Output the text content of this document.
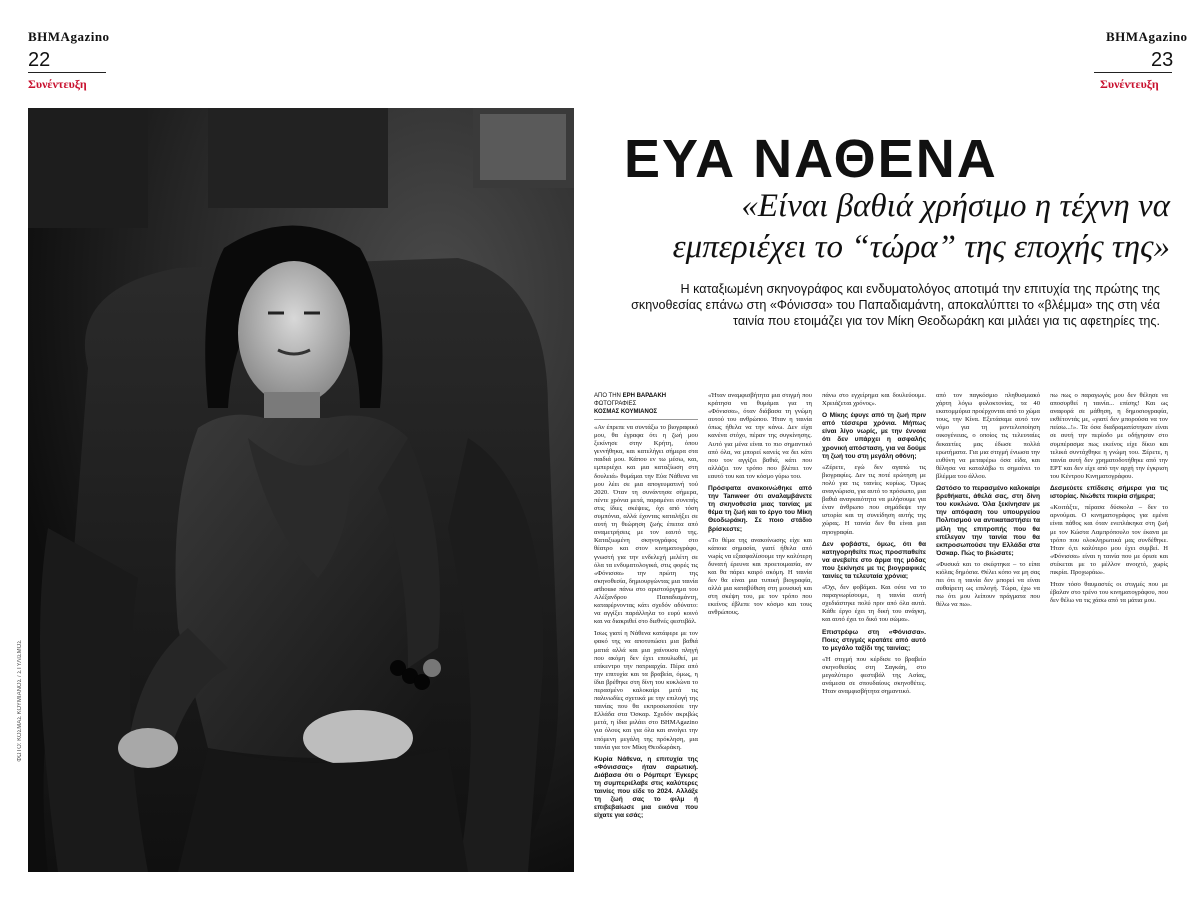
BHMAgazino
22
Συνέντευξη
BHMAgazino
23
Συνέντευξη
ΦΩΤΟ: ΚΟΣΜΑΣ ΚΟΥΜΙΑΝΟΣ / ΣΤΥΛΙΣΜΟΣ
ΕΥΑ ΝΑΘΕΝΑ
«Είναι βαθιά χρήσιμο η τέχνη να
εμπεριέχει το “τώρα” της εποχής της»
Η καταξιωμένη σκηνογράφος και ενδυματολόγος αποτιμά την επιτυχία της πρώτης της σκηνοθεσίας επάνω στη «Φόνισσα» του Παπαδιαμάντη, αποκαλύπτει το «βλέμμα» της στη νέα ταινία που ετοιμάζει για τον Μίκη Θεοδωράκη και μιλάει για τις αφετηρίες της.
ΑΠΟ ΤΗΝ ΕΡΗ ΒΑΡΔΑΚΗ
ΦΩΤΟΓΡΑΦΙΕΣ
ΚΟΣΜΑΣ ΚΟΥΜΙΑΝΟΣ

«Αν έπρεπε να συντάξω το βιογραφικό μου, θα έγραφα ότι η ζωή μου ξεκίνησε στην Κρήτη, όπου γεννήθηκα, και κατελήγει σήμερα στα παιδιά μου. Κάπου εν τω μέσω, και, εμπεριέχει και μια καταξίωση στη δουλειά» θυμάμαι την Εύα Νάθενα να μου λέει σε μια απογευματινή τού 2020. Όταν τη συνάντησα σήμερα, πέντε χρόνια μετά, παραμένει συνεπής στις ίδιες σκέψεις, όχι από τόση συμπόνια, αλλά έχοντας καταλήξει σε αυτή τη θεώρηση ζωής έπειτα από αναμετρήσεις με τον εαυτό της. Καταξιωμένη σκηνογράφος στο θέατρο και στον κινηματογράφο, γνωστή για την ενδελεχή μελέτη σε όλα τα ενδυματολογικά, στις φορές τις «Φόνισσα» την πρώτη της σκηνοθεσία, δημιουργώντας μια ταινία arthouse πάνω στο αριστούργημα του Αλέξανδρου Παπαδιαμάντη, καταφέρνοντας κάτι σχεδόν αδύνατο: να αγγίξει παράλληλα το ευρύ κοινό και να διακριθεί στο διεθνές φεστιβάλ.

Ίσως γιατί η Νάθενα κατάφερε με τον φακό της να αποτυπώσει μια βαθιά ματιά αλλά και μια χαίνουσα πληγή που ακόμη δεν έχει επουλωθεί, με επίκεντρο την πατριαρχία. Πέρα από την επιτυχία και τα βραβεία, όμως, η ίδια βρέθηκε στη δίνη του κυκλώνα το περασμένο καλοκαίρι μετά τις παλινωδίες σχετικά με την επιλογή της ταινίας που θα εκπροσωπούσε την Ελλάδα στα Όσκαρ. Σχεδόν ακριβώς μετά, η ίδια μιλάει στο BHMAgazino για όλους και για όλα και ανοίγει την επόμενη μεγάλη της πρόκληση, μια ταινία για τον Μίκη Θεοδωράκη.

Κυρία Νάθενα, η επιτυχία της «Φόνισσας» ήταν σαρωτική. Διάβασα ότι ο Ρόμπερτ Έγκερς τη συμπεριέλαβε στις καλύτερες ταινίες που είδε το 2024. Αλλάξε τη ζωή σας το φιλμ ή επιβεβαίωσε μια εικόνα που είχατε για εσάς;

«Ήταν αναμφισβήτητα μια στιγμή που κράτησα να θυμάμαι για τη «Φόνισσα», όταν διάβασα τη γνώμη αυτού του ανθρώπου. Ήταν η ταινία όπως ήθελα να την κάνω. Δεν είχα κανένα στόχο, πέραν της συγκίνησης. Αυτό για μένα είναι το πιο σημαντικό από όλα, να μπορεί κανείς να δει κάτι που τον αγγίζει βαθιά, κάτι που αλλάζει τον τρόπο που βλέπει τον εαυτό του και τον κόσμο γύρω του.

Πρόσφατα ανακοινώθηκε από την Tanweer ότι αναλαμβάνετε τη σκηνοθεσία μιας ταινίας με θέμα τη ζωή και το έργο του Μίκη Θεοδωράκη. Σε ποιο στάδιο βρίσκεστε;

«Το θέμα της ανακοίνωσης είχε και κάποια σημασία, γιατί ήθελα από νωρίς να εξασφαλίσουμε την καλύτερη δυνατή έρευνα και προετοιμασία, αν και θα πάρει καιρό ακόμη. Η ταινία δεν θα είναι μια τυπική βιογραφία, αλλά μια καταβύθιση στη μουσική και στη σκέψη του, με τον τρόπο που εκείνος έβλεπε τον κόσμο και τους ανθρώπους.

πάνω στο εγχείρημα και δουλεύουμε. Χρειάζεται χρόνος».

Ο Μίκης έφυγε από τη ζωή πριν από τέσσερα χρόνια. Μήπως είναι λίγο νωρίς, με την έννοια ότι δεν υπάρχει η ασφαλής χρονική απόσταση, για να δούμε τη ζωή του στη μεγάλη οθόνη;

«Ζέρετε, εγώ δεν αγαπώ τις βιογραφίες. Δεν τις ποτέ ερώτηση με πολύ για τις ταινίες κυρίως. Όμως αναγνώρισα, για αυτό το πρόσωπο, μια βαθιά αναγκαιότητα να μιλήσουμε για έναν άνθρωπο που σημάδεψε την ιστορία και τη συνείδηση αυτής της χώρας. Η ταινία δεν θα είναι μια αγιογραφία.

Δεν φοβάστε, όμως, ότι θα κατηγορηθείτε πως προσπαθείτε να ανεβείτε στο άρμα της μόδας που ξεκίνησε με τις βιογραφικές ταινίες τα τελευταία χρόνια;

«Όχι, δεν φοβάμαι. Και ούτε να το παραγνωρίσουμε, η ταινία αυτή σχεδιάστηκε πολύ πριν από όλα αυτά. Κάθε έργο έχει τη δική του ανάγκη, και αυτό έχει το δικό του σώμα».

Επιστρέφω στη «Φόνισσα». Ποιες στιγμές κρατάτε από αυτό το μεγάλο ταξίδι της ταινίας;

«Ή στιγμή που κέρδισε το βραβείο σκηνοθεσίας στη Σαγκάη, στο μεγαλύτερο φεστιβάλ της Ασίας, ανάμεσα σε σπουδαίους σκηνοθέτες. Ήταν αναμφισβήτητα σημαντικό.

από τον παγκόσμιο πληθυσμιακό χάρτη λόγω φυλοκτονίας, τα 40 εκατομμύρια προέρχονται από το χώμα τους, την Κίνα. Εξετάσαμε αυτό τον νόμο για τη μοντελοποίηση οικογένειας, ο οποίος τις τελευταίες δεκαετίες μας έδωσε πολλά ερωτήματα. Για μια στιγμή ένιωσα την ευθύνη να μεταφέρω όσα είδα, και θέλησα να καταλάβω τι σημαίνει το βλέμμα του άλλου.

Ωστόσο το περασμένο καλοκαίρι βρεθήκατε, άθελά σας, στη δίνη του κυκλώνα. Όλα ξεκίνησαν με την απόφαση του υπουργείου Πολιτισμού να αντικαταστήσει τα μέλη της επιτροπής που θα επέλεγαν την ταινία που θα εκπροσωπούσε την Ελλάδα στα Όσκαρ. Πώς το βιώσατε;

«Φυσικά και το σκέφτηκα – το είπα κιόλας δημόσια. Θέλει κόπο να μη σας πει ότι η ταινία δεν μπορεί να είναι αυθαίρετη ως επιλογή. Τώρα, έχω να πω ότι μου λείπουν πράγματα που θέλω να πω».

πω πως ο παραγωγός μου δεν θέλησε να αποσυρθεί η ταινία... επίσης! Και ως αναφορά σε μάθηση, η δημοσιογραφία, εκθέτοντάς με, «γιατί δεν μπορούσα να τον πείσω...!». Τα όσα διαδραματίστηκαν είναι σε αυτή την περίοδο με οδήγησαν στο συμπέρασμα πως εκείνος είχε δίκιο και τελικά συντάχθηκε η γνώμη του. Ξέρετε, η ταινία αυτή δεν χρηματοδοτήθηκε από την ΕΡΤ και δεν είχε από την αρχή την έγκριση του Κέντρου Κινηματογράφου.

Δεσμεύετε επίδεσις σήμερα για τις ιστορίας. Νιώθετε πικρία σήμερα;

«Κοιτάξτε, πέρασα δύσκολα – δεν το αρνούμαι. Ο κινηματογράφος για εμένα είναι πάθος και όταν ενεπλάκηκα στη ζωή με τον Κώστα Λαμπρόπουλο τον έκανα με τρόπο που ολοκληρωτικά μας συνδέθηκε. Ήταν ό,τι καλύτερο μου έχει συμβεί. Η «Φόνισσα» είναι η ταινία που με όρισε και στέκεται με το μέλλον ανοιχτό, χωρίς πικρία. Προχωράω».

Ήταν τόσο θαυμαστές οι στιγμές που με έβαλαν στο τρένο του κινηματογράφου, που δεν θέλω να τις χάσω από τα μάτια μου.
